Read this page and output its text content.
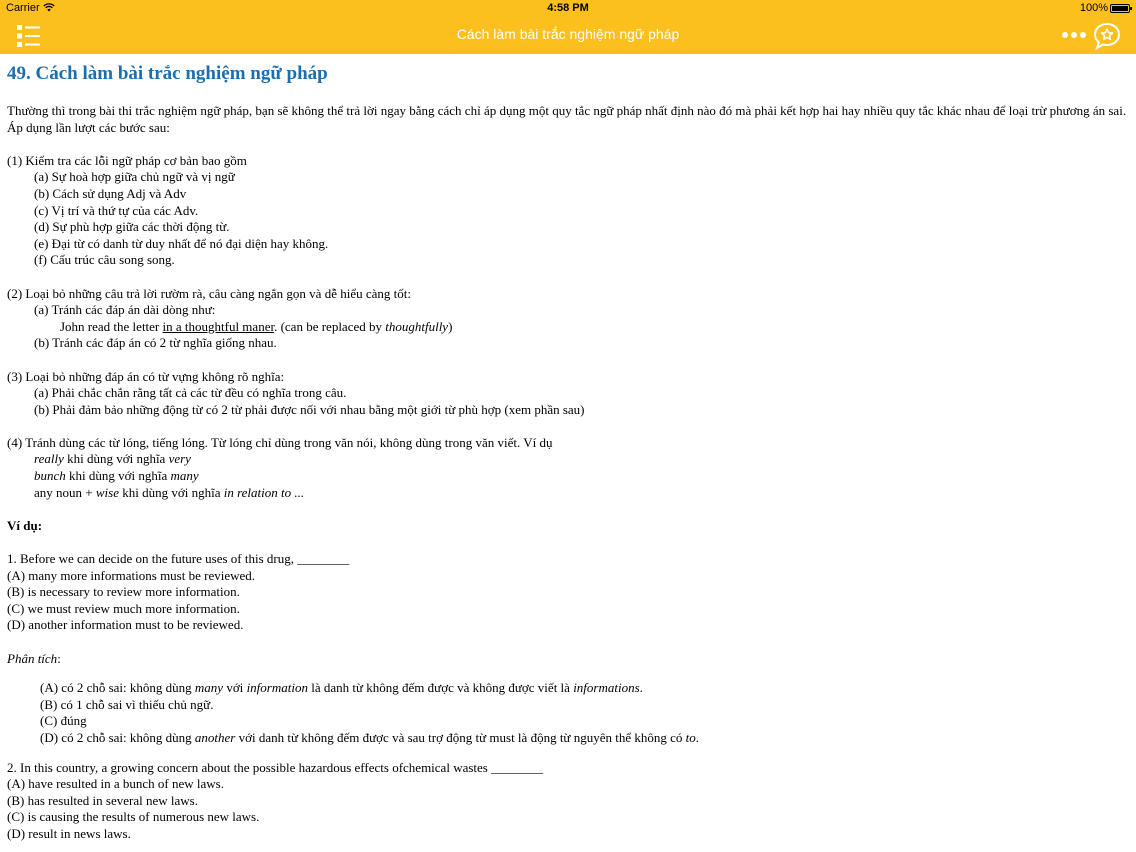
Carrier	4:58 PM	100%
Cách làm bài trắc nghiệm ngữ pháp
49. Cách làm bài trắc nghiệm ngữ pháp

Thường thì trong bài thi trắc nghiệm ngữ pháp, bạn sẽ không thể trả lời ngay bằng cách chỉ áp dụng một quy tắc ngữ pháp nhất định nào đó mà phải kết hợp hai hay nhiều quy tắc khác nhau để loại trừ phương án sai. Áp dụng lần lượt các bước sau:

(1) Kiểm tra các lỗi ngữ pháp cơ bản bao gồm

(a) Sự hoà hợp giữa chủ ngữ và vị ngữ

(b) Cách sử dụng Adj và Adv

(c) Vị trí và thứ tự của các Adv.

(d) Sự phù hợp giữa các thời động từ.

(e) Đại từ có danh từ duy nhất để nó đại diện hay không.

(f) Cấu trúc câu song song.

(2) Loại bỏ những câu trả lời rườm rà, câu càng ngắn gọn và dễ hiểu càng tốt:

(a) Tránh các đáp án dài dòng như:

John read the letter in a thoughtful maner. (can be replaced by thoughtfully)

(b) Tránh các đáp án có 2 từ nghĩa giống nhau.

(3) Loại bỏ những đáp án có từ vựng không rõ nghĩa:

(a) Phải chắc chắn rằng tất cả các từ đều có nghĩa trong câu.

(b) Phải đảm bảo những động từ có 2 từ phải được nối với nhau bằng một giới từ phù hợp (xem phần sau)

(4) Tránh dùng các từ lóng, tiếng lóng. Từ lóng chỉ dùng trong văn nói, không dùng trong văn viết. Ví dụ

really khi dùng với nghĩa very

bunch khi dùng với nghĩa many

any noun + wise khi dùng với nghĩa in relation to ...

Ví dụ:

1. Before we can decide on the future uses of this drug, ________

(A) many more informations must be reviewed.

(B) is necessary to review more information.

(C) we must review much more information.

(D) another information must to be reviewed.

Phân tích:

(A) có 2 chỗ sai: không dùng many với information là danh từ không đếm được và không được viết là informations.

(B) có 1 chỗ sai vì thiếu chủ ngữ.

(C) đúng

(D) có 2 chỗ sai: không dùng another với danh từ không đếm được và sau trợ động từ must là động từ nguyên thể không có to.

2. In this country, a growing concern about the possible hazardous effects ofchemical wastes ________

(A) have resulted in a bunch of new laws.

(B) has resulted in several new laws.

(C) is causing the results of numerous new laws.

(D) result in news laws.
